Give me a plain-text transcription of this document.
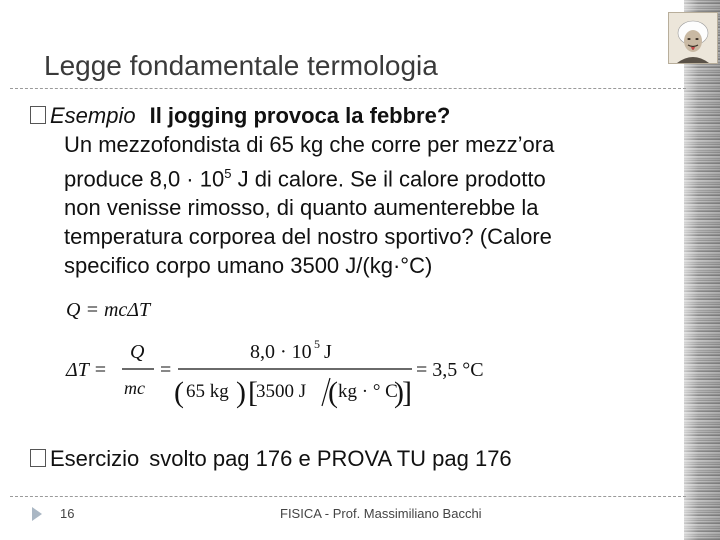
Legge fondamentale termologia
Esempio Il jogging provoca la febbre?
Un mezzofondista di 65 kg che corre per mezz’ora
produce $8,0 \cdot 10^5$ J di calore. Se il calore prodotto
non venisse rimosso, di quanto aumenterebbe la
temperatura corporea del nostro sportivo? (Calore
specifico corpo umano 3500 J/(kg·°C)
Q = mcΔT
ΔT =
Q
mc
=
8,0 · 10 5 J
( 65 kg ) [
3500 J ( kg · ° C
)
]
= 3,5 °C
Esercizio svolto pag 176 e PROVA TU pag 176
16	FISICA - Prof. Massimiliano Bacchi
